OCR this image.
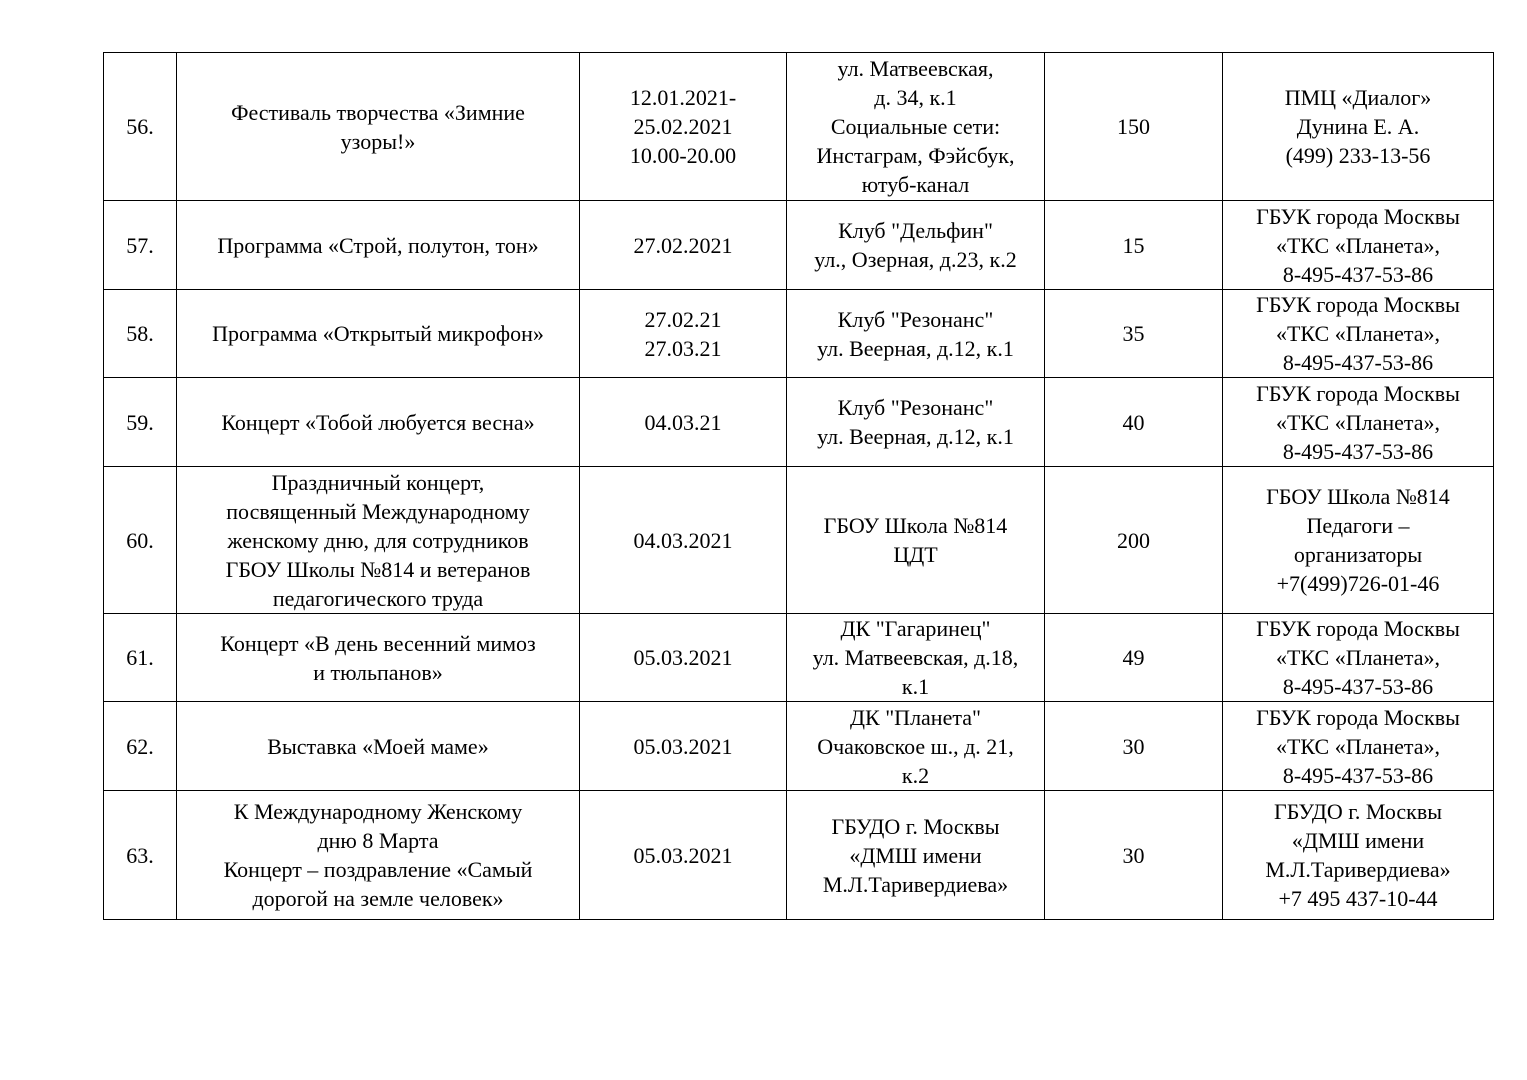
56.	Фестиваль творчества «Зимние
узоры!»	12.01.2021-
25.02.2021
10.00-20.00	ул. Матвеевская,
д. 34, к.1
Социальные сети:
Инстаграм, Фэйсбук,
ютуб-канал	150	ПМЦ «Диалог»
Дунина Е. А.
(499) 233-13-56
57.	Программа «Строй, полутон, тон»	27.02.2021	Клуб "Дельфин"
ул., Озерная, д.23, к.2	15	ГБУК города Москвы
«ТКС «Планета»,
8-495-437-53-86
58.	Программа «Открытый микрофон»	27.02.21
27.03.21	Клуб "Резонанс"
ул. Веерная, д.12, к.1	35	ГБУК города Москвы
«ТКС «Планета»,
8-495-437-53-86
59.	Концерт «Тобой любуется весна»	04.03.21	Клуб "Резонанс"
ул. Веерная, д.12, к.1	40	ГБУК города Москвы
«ТКС «Планета»,
8-495-437-53-86
60.	Праздничный концерт,
посвященный Международному
женскому дню, для сотрудников
ГБОУ Школы №814 и ветеранов
педагогического труда	04.03.2021	ГБОУ Школа №814
ЦДТ	200	ГБОУ Школа №814
Педагоги –
организаторы
+7(499)726-01-46
61.	Концерт «В день весенний мимоз
и тюльпанов»	05.03.2021	ДК "Гагаринец"
ул. Матвеевская, д.18,
к.1	49	ГБУК города Москвы
«ТКС «Планета»,
8-495-437-53-86
62.	Выставка «Моей маме»	05.03.2021	ДК "Планета"
Очаковское ш., д. 21,
к.2	30	ГБУК города Москвы
«ТКС «Планета»,
8-495-437-53-86
63.	К Международному Женскому
дню 8 Марта
Концерт – поздравление «Самый
дорогой на земле человек»	05.03.2021	ГБУДО г. Москвы
«ДМШ имени
М.Л.Таривердиева»	30	ГБУДО г. Москвы
«ДМШ имени
М.Л.Таривердиева»
+7 495 437-10-44
